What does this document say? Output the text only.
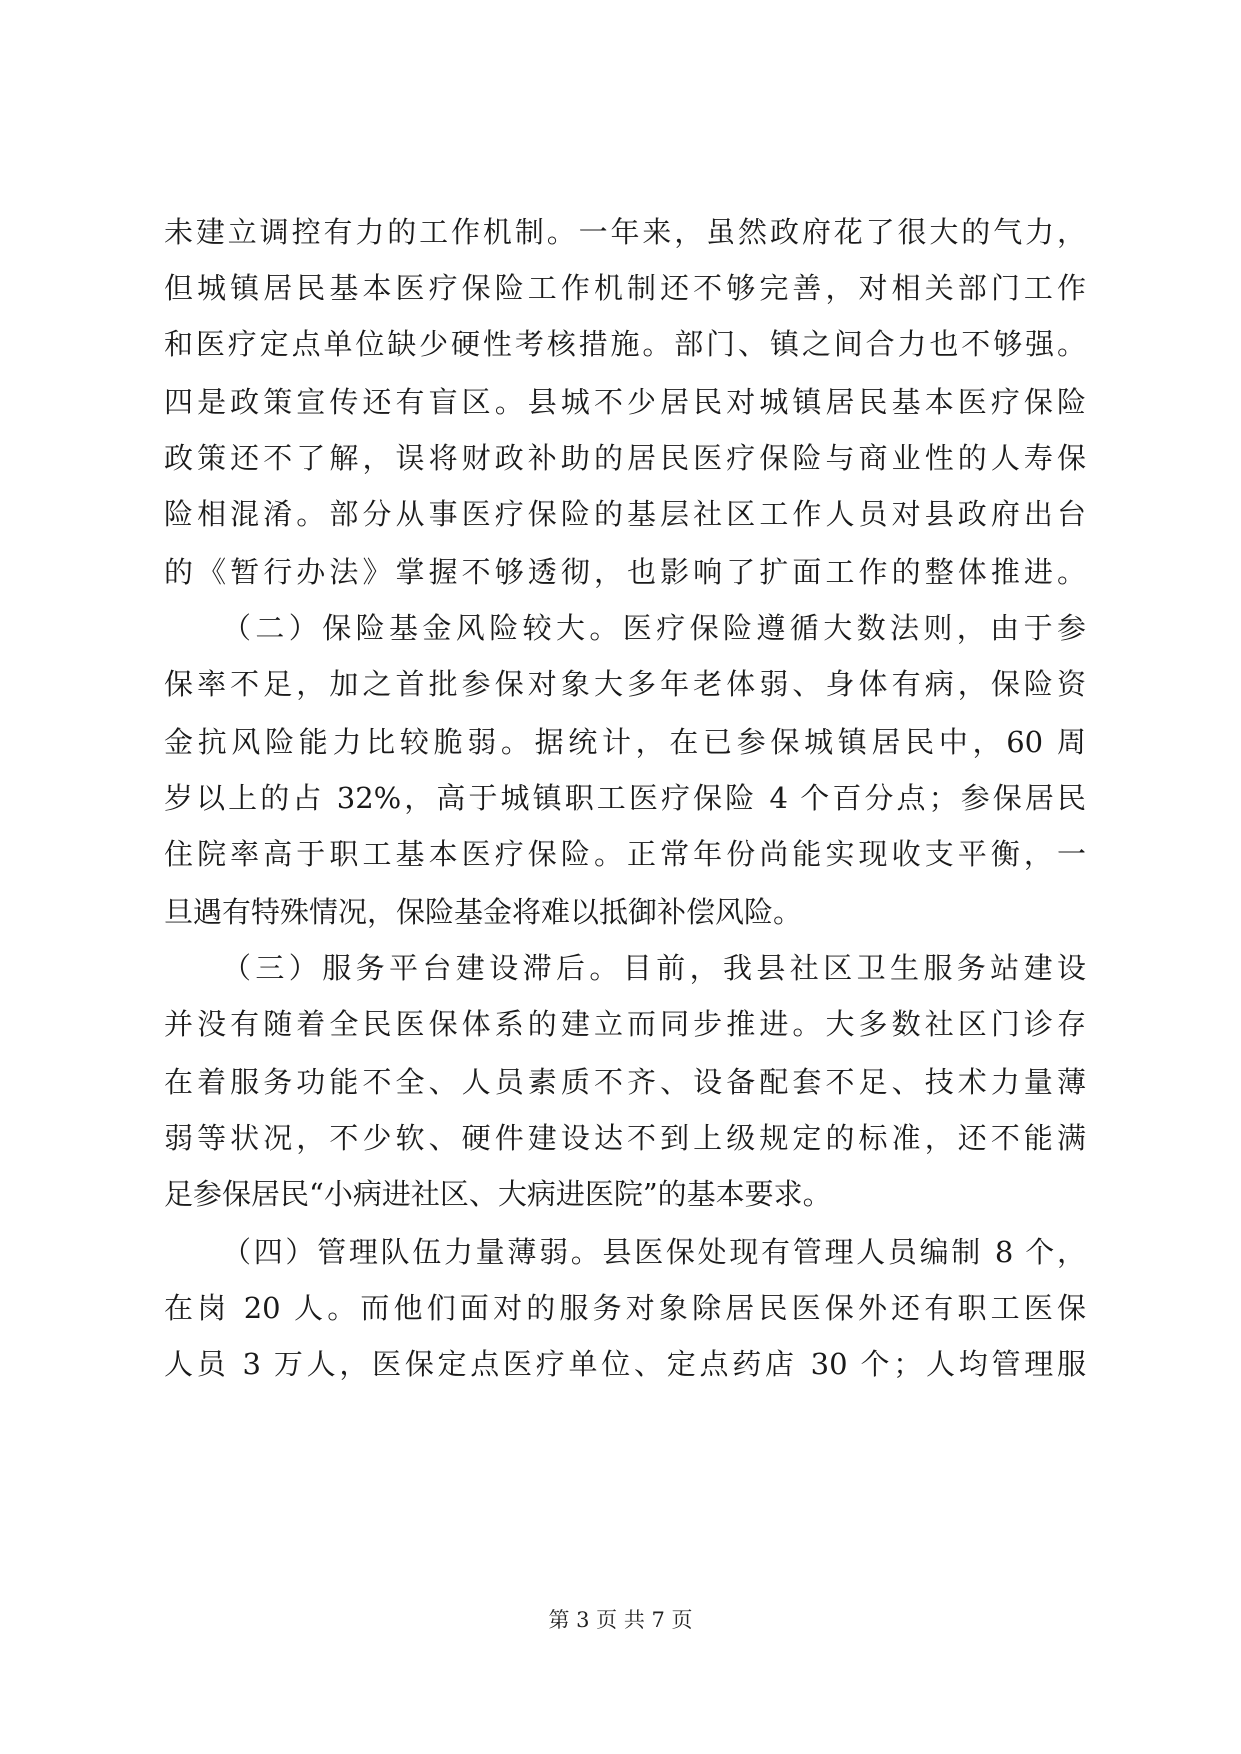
未建立调控有力的工作机制。一年来，虽然政府花了很大的气力，
但城镇居民基本医疗保险工作机制还不够完善，对相关部门工作
和医疗定点单位缺少硬性考核措施。部门、镇之间合力也不够强。
四是政策宣传还有盲区。县城不少居民对城镇居民基本医疗保险
政策还不了解，误将财政补助的居民医疗保险与商业性的人寿保
险相混淆。部分从事医疗保险的基层社区工作人员对县政府出台
的《暂行办法》掌握不够透彻，也影响了扩面工作的整体推进。
（二）保险基金风险较大。医疗保险遵循大数法则，由于参
保率不足，加之首批参保对象大多年老体弱、身体有病，保险资
金抗风险能力比较脆弱。据统计，在已参保城镇居民中，60 周
岁以上的占 32%，高于城镇职工医疗保险 4 个百分点；参保居民
住院率高于职工基本医疗保险。正常年份尚能实现收支平衡，一
旦遇有特殊情况，保险基金将难以抵御补偿风险。
（三）服务平台建设滞后。目前，我县社区卫生服务站建设
并没有随着全民医保体系的建立而同步推进。大多数社区门诊存
在着服务功能不全、人员素质不齐、设备配套不足、技术力量薄
弱等状况，不少软、硬件建设达不到上级规定的标准，还不能满
足参保居民“小病进社区、大病进医院”的基本要求。
（四）管理队伍力量薄弱。县医保处现有管理人员编制 8 个，
在岗 20 人。而他们面对的服务对象除居民医保外还有职工医保
人员 3 万人，医保定点医疗单位、定点药店 30 个；人均管理服
第 3 页 共 7 页
